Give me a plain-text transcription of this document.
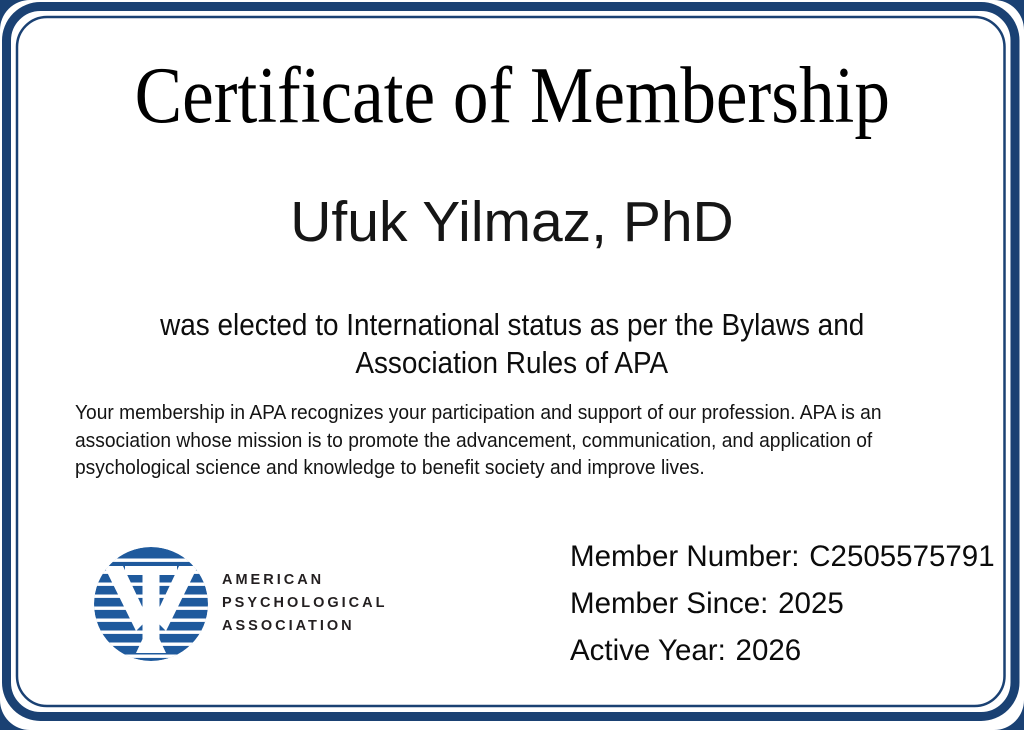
Certificate of Membership
Ufuk Yilmaz, PhD
was elected to International status as per the Bylaws and
Association Rules of APA
Your membership in APA recognizes your participation and support of our profession. APA is an
association whose mission is to promote the advancement, communication, and application of
psychological science and knowledge to benefit society and improve lives.
AMERICAN
PSYCHOLOGICAL
ASSOCIATION
Member Number: C2505575791
Member Since: 2025
Active Year: 2026
